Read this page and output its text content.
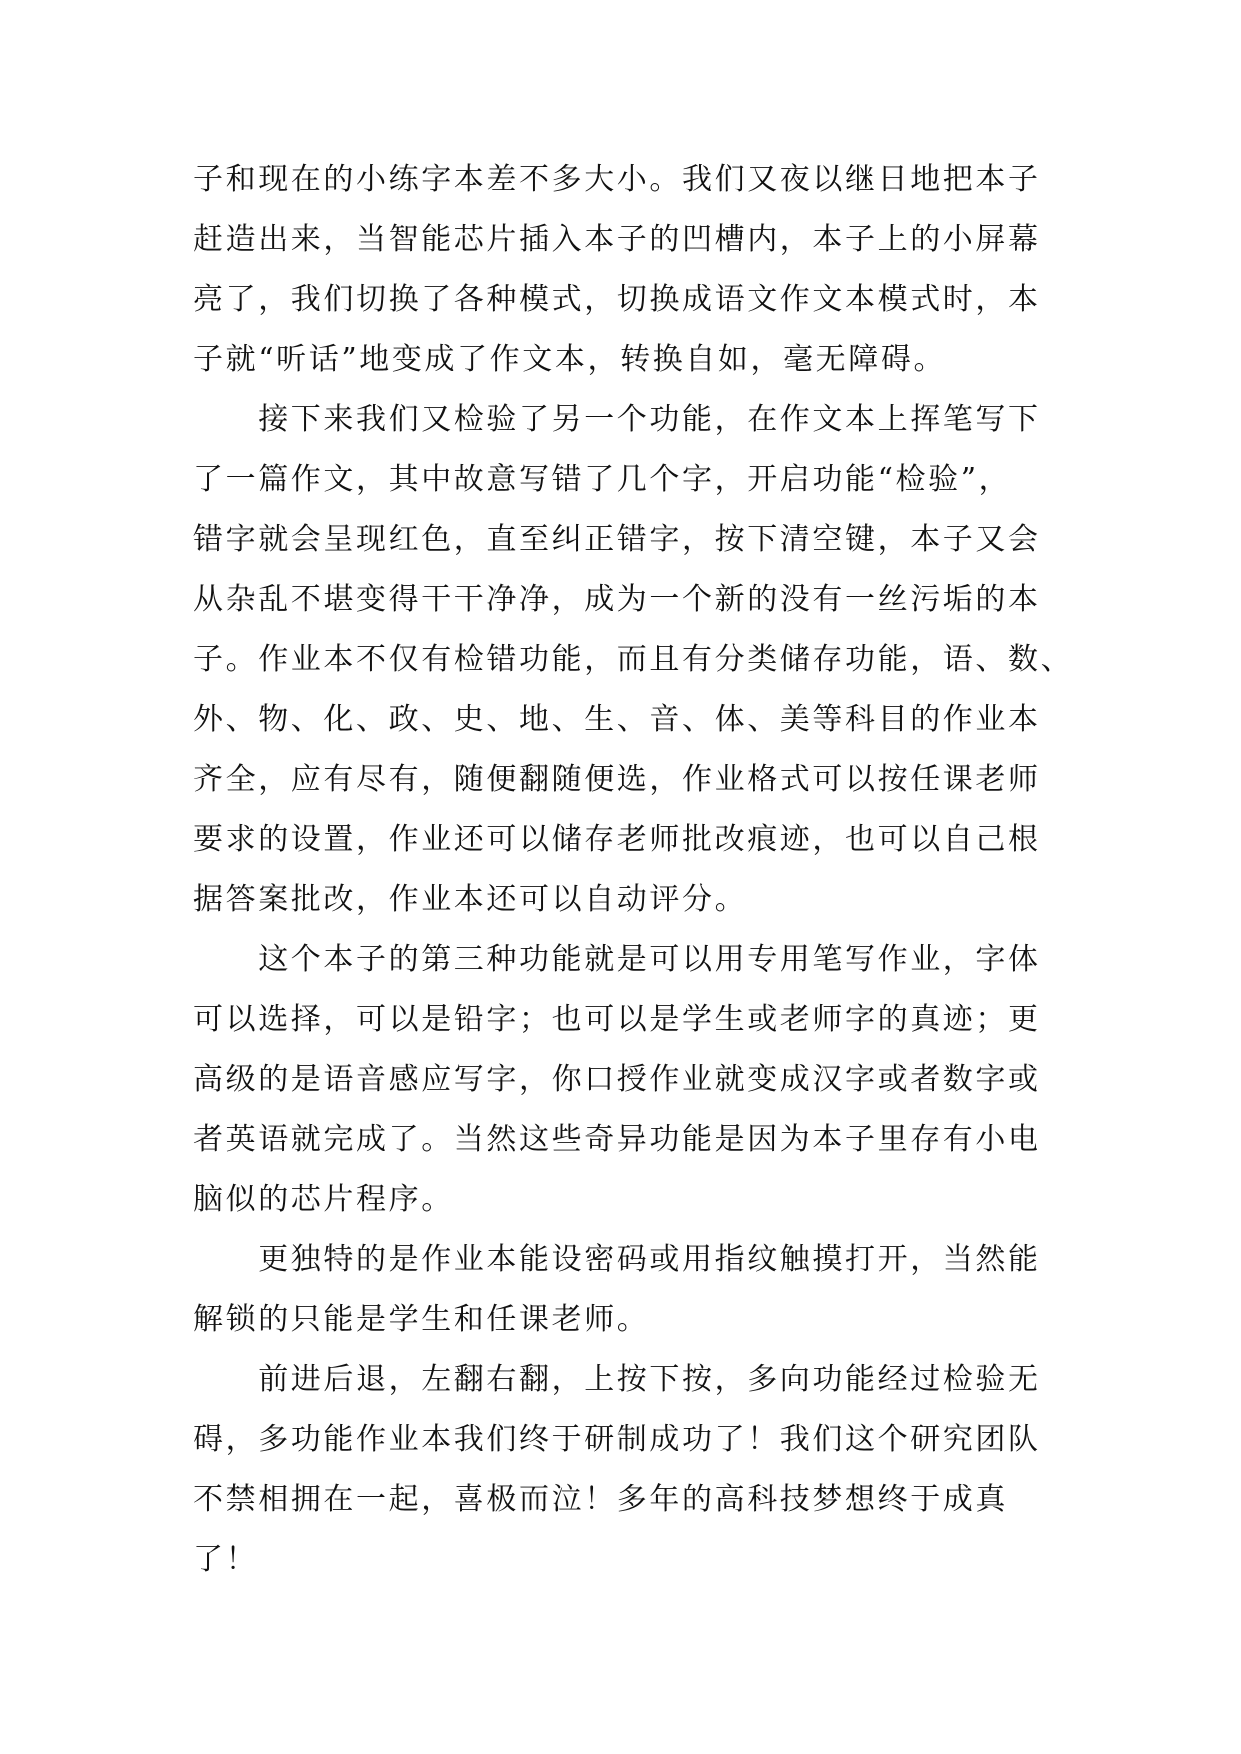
子和现在的小练字本差不多大小。我们又夜以继日地把本子
赶造出来，当智能芯片插入本子的凹槽内，本子上的小屏幕
亮了，我们切换了各种模式，切换成语文作文本模式时，本
子就“听话”地变成了作文本，转换自如，毫无障碍。
　　接下来我们又检验了另一个功能，在作文本上挥笔写下
了一篇作文，其中故意写错了几个字，开启功能“检验”，
错字就会呈现红色，直至纠正错字，按下清空键，本子又会
从杂乱不堪变得干干净净，成为一个新的没有一丝污垢的本
子。作业本不仅有检错功能，而且有分类储存功能，语、数、
外、物、化、政、史、地、生、音、体、美等科目的作业本
齐全，应有尽有，随便翻随便选，作业格式可以按任课老师
要求的设置，作业还可以储存老师批改痕迹，也可以自己根
据答案批改，作业本还可以自动评分。
　　这个本子的第三种功能就是可以用专用笔写作业，字体
可以选择，可以是铅字；也可以是学生或老师字的真迹；更
高级的是语音感应写字，你口授作业就变成汉字或者数字或
者英语就完成了。当然这些奇异功能是因为本子里存有小电
脑似的芯片程序。
　　更独特的是作业本能设密码或用指纹触摸打开，当然能
解锁的只能是学生和任课老师。
　　前进后退，左翻右翻，上按下按，多向功能经过检验无
碍，多功能作业本我们终于研制成功了！我们这个研究团队
不禁相拥在一起，喜极而泣！多年的高科技梦想终于成真
了！
